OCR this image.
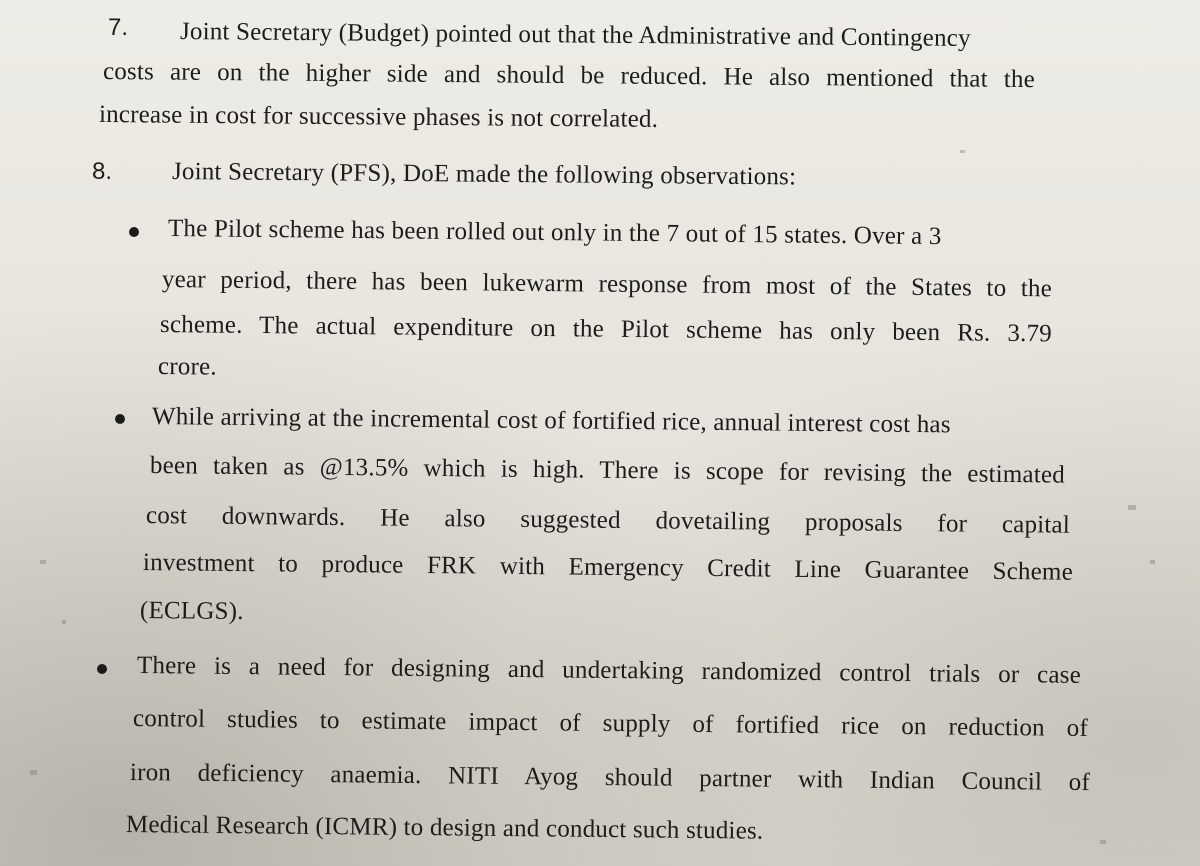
7. Joint Secretary (Budget) pointed out that the Administrative and Contingency
costs are on the higher side and should be reduced. He also mentioned that the
increase in cost for successive phases is not correlated.
8. Joint Secretary (PFS), DoE made the following observations:
The Pilot scheme has been rolled out only in the 7 out of 15 states. Over a 3
year period, there has been lukewarm response from most of the States to the
scheme. The actual expenditure on the Pilot scheme has only been Rs. 3.79
crore.
While arriving at the incremental cost of fortified rice, annual interest cost has
been taken as @13.5% which is high. There is scope for revising the estimated
cost downwards. He also suggested dovetailing proposals for capital
investment to produce FRK with Emergency Credit Line Guarantee Scheme
(ECLGS).
There is a need for designing and undertaking randomized control trials or case
control studies to estimate impact of supply of fortified rice on reduction of
iron deficiency anaemia. NITI Ayog should partner with Indian Council of
Medical Research (ICMR) to design and conduct such studies.
